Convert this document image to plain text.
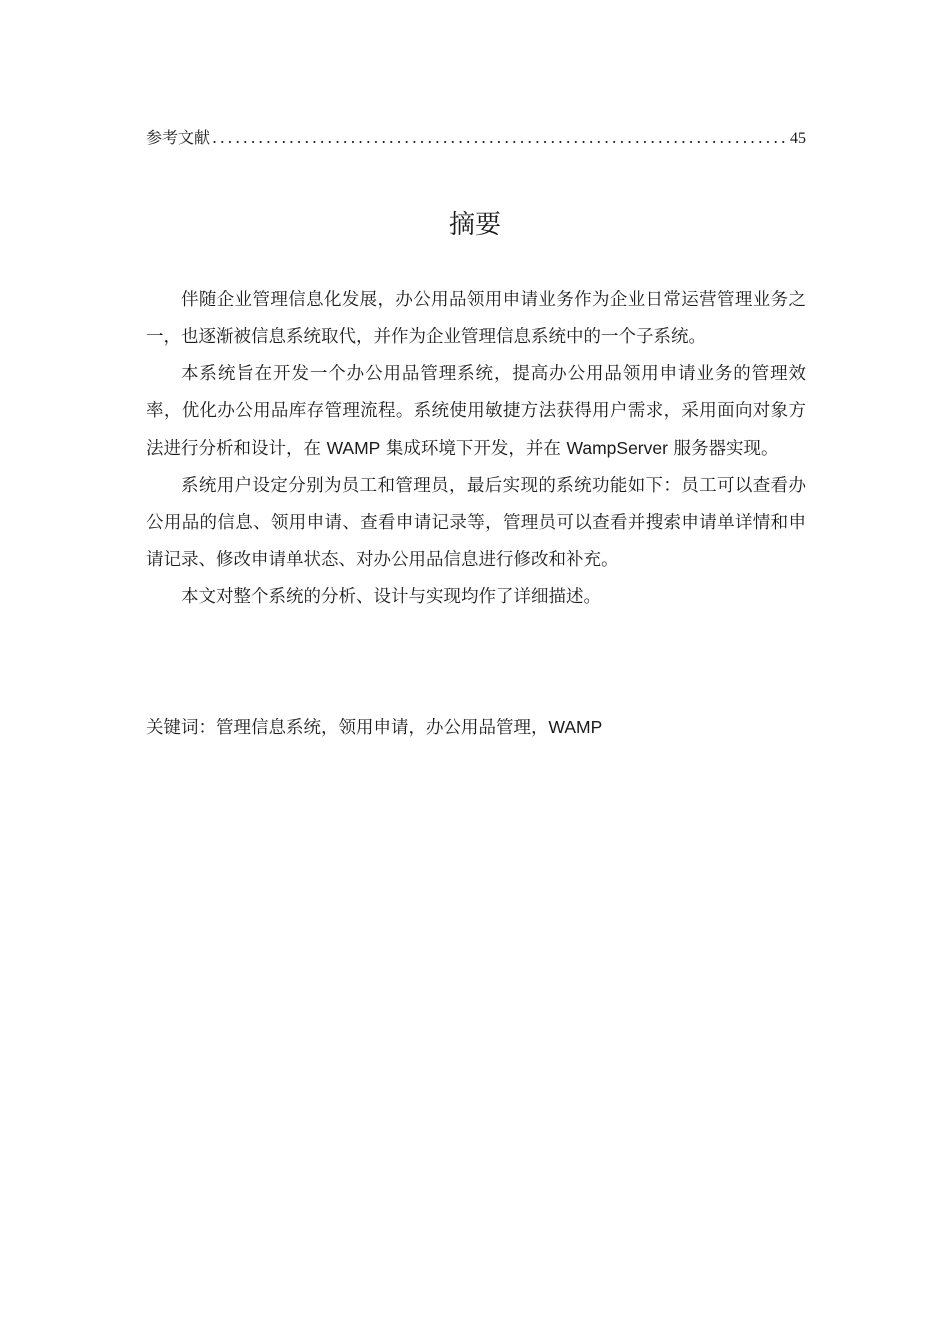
参考文献
.....	45
摘要

伴随企业管理信息化发展，办公用品领用申请业务作为企业日常运营管理业务之一，也逐渐被信息系统取代，并作为企业管理信息系统中的一个子系统。

本系统旨在开发一个办公用品管理系统，提高办公用品领用申请业务的管理效率，优化办公用品库存管理流程。系统使用敏捷方法获得用户需求，采用面向对象方法进行分析和设计，在 WAMP 集成环境下开发，并在 WampServer 服务器实现。

系统用户设定分别为员工和管理员，最后实现的系统功能如下：员工可以查看办公用品的信息、领用申请、查看申请记录等，管理员可以查看并搜索申请单详情和申请记录、修改申请单状态、对办公用品信息进行修改和补充。

本文对整个系统的分析、设计与实现均作了详细描述。

关键词：管理信息系统，领用申请，办公用品管理，WAMP
